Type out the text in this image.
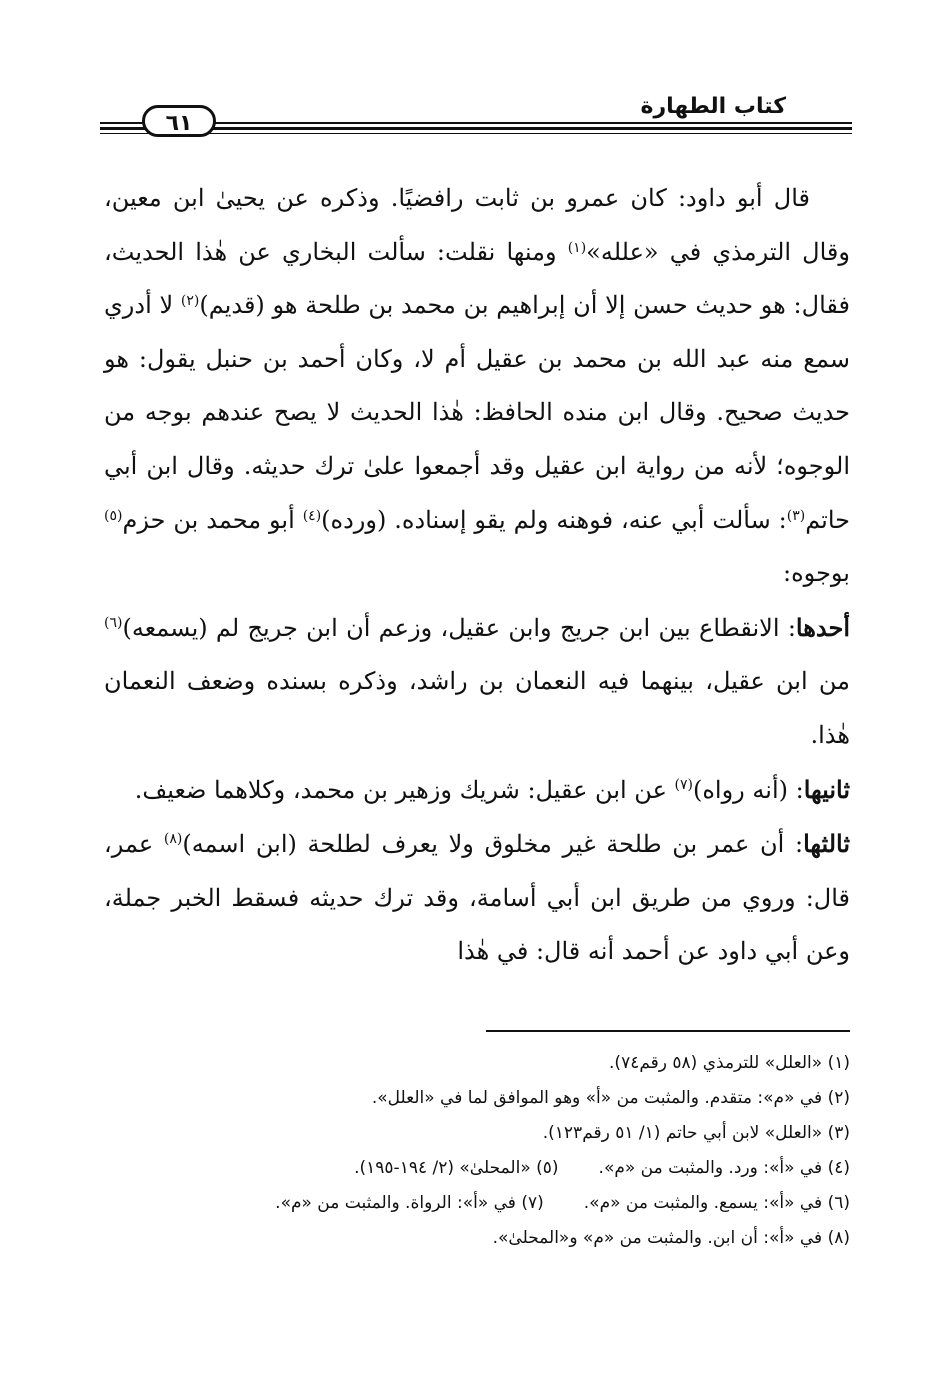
٦١
كتاب الطهارة

قال أبو داود: كان عمرو بن ثابت رافضيًا. وذكره عن يحيىٰ ابن معين، وقال الترمذي في «علله»$^{(١)}$ ومنها نقلت: سألت البخاري عن هٰذا الحديث، فقال: هو حديث حسن إلا أن إبراهيم بن محمد بن طلحة هو (قديم)$^{(٢)}$ لا أدري سمع منه عبد الله بن محمد بن عقيل أم لا، وكان أحمد بن حنبل يقول: هو حديث صحيح. وقال ابن منده الحافظ: هٰذا الحديث لا يصح عندهم بوجه من الوجوه؛ لأنه من رواية ابن عقيل وقد أجمعوا علىٰ ترك حديثه. وقال ابن أبي حاتم$^{(٣)}$: سألت أبي عنه، فوهنه ولم يقو إسناده. (ورده)$^{(٤)}$ أبو محمد بن حزم$^{(٥)}$ بوجوه:

أحدها: الانقطاع بين ابن جريج وابن عقيل، وزعم أن ابن جريج لم (يسمعه)$^{(٦)}$ من ابن عقيل، بينهما فيه النعمان بن راشد، وذكره بسنده وضعف النعمان هٰذا.

ثانيها: (أنه رواه)$^{(٧)}$ عن ابن عقيل: شريك وزهير بن محمد، وكلاهما ضعيف.

ثالثها: أن عمر بن طلحة غير مخلوق ولا يعرف لطلحة (ابن اسمه)$^{(٨)}$ عمر، قال: وروي من طريق ابن أبي أسامة، وقد ترك حديثه فسقط الخبر جملة، وعن أبي داود عن أحمد أنه قال: في هٰذا

(١) «العلل» للترمذي (٥٨ رقم٧٤).

(٢) في «م»: متقدم. والمثبت من «أ» وهو الموافق لما في «العلل».

(٣) «العلل» لابن أبي حاتم (١/ ٥١ رقم١٢٣).

(٤) في «أ»: ورد. والمثبت من «م».(٥) «المحلىٰ» (٢/ ١٩٤-١٩٥).

(٦) في «أ»: يسمع. والمثبت من «م».(٧) في «أ»: الرواة. والمثبت من «م».

(٨) في «أ»: أن ابن. والمثبت من «م» و«المحلىٰ».
